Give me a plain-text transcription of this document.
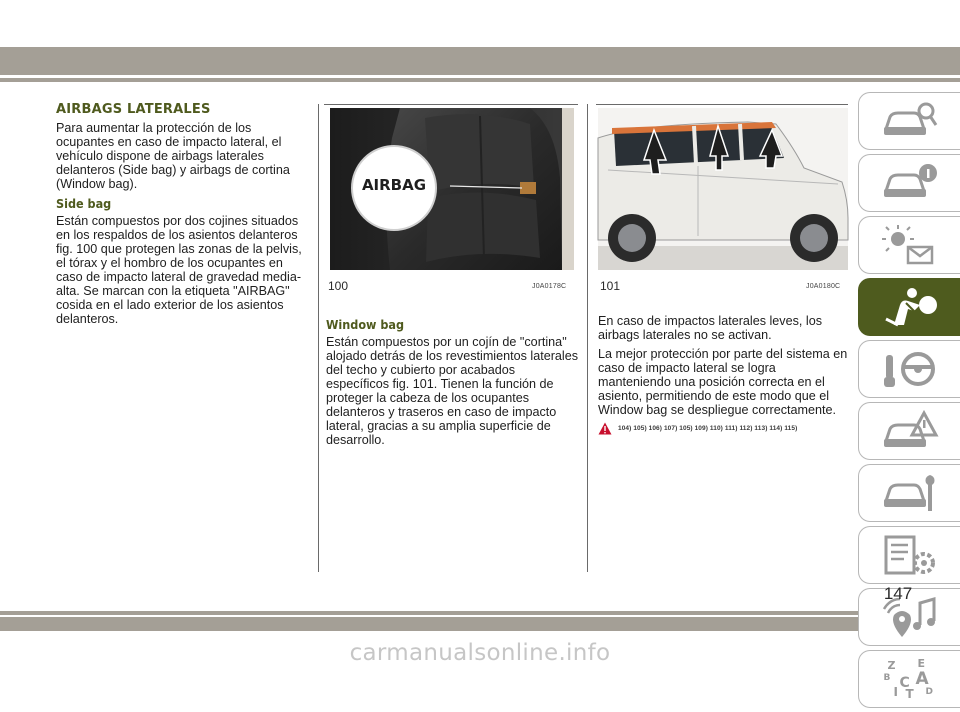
AIRBAGS LATERALES

Para aumentar la protección de los ocupantes en caso de impacto lateral, el vehículo dispone de airbags laterales delanteros (Side bag) y airbags de cortina (Window bag).

Side bag

Están compuestos por dos cojines situados en los respaldos de los asientos delanteros fig. 100 que protegen las zonas de la pelvis, el tórax y el hombro de los ocupantes en caso de impacto lateral de gravedad media-alta. Se marcan con la etiqueta "AIRBAG" cosida en el lado exterior de los asientos delanteros.

AIRBAG
100	J0A0178C	101	J0A0180C
Window bag

Están compuestos por un cojín de "cortina" alojado detrás de los revestimientos laterales del techo y cubierto por acabados específicos fig. 101. Tienen la función de proteger la cabeza de los ocupantes delanteros y traseros en caso de impacto lateral, gracias a su amplia superficie de desarrollo.

En caso de impactos laterales leves, los airbags laterales no se activan.

La mejor protección por parte del sistema en caso de impacto lateral se logra manteniendo una posición correcta en el asiento, permitiendo de este modo que el Window bag se despliegue correctamente.

104) 105) 106) 107) 105) 109) 110) 111) 112) 113) 114) 115)
Z E
B A
I
C
T D
147
carmanualsonline.info
